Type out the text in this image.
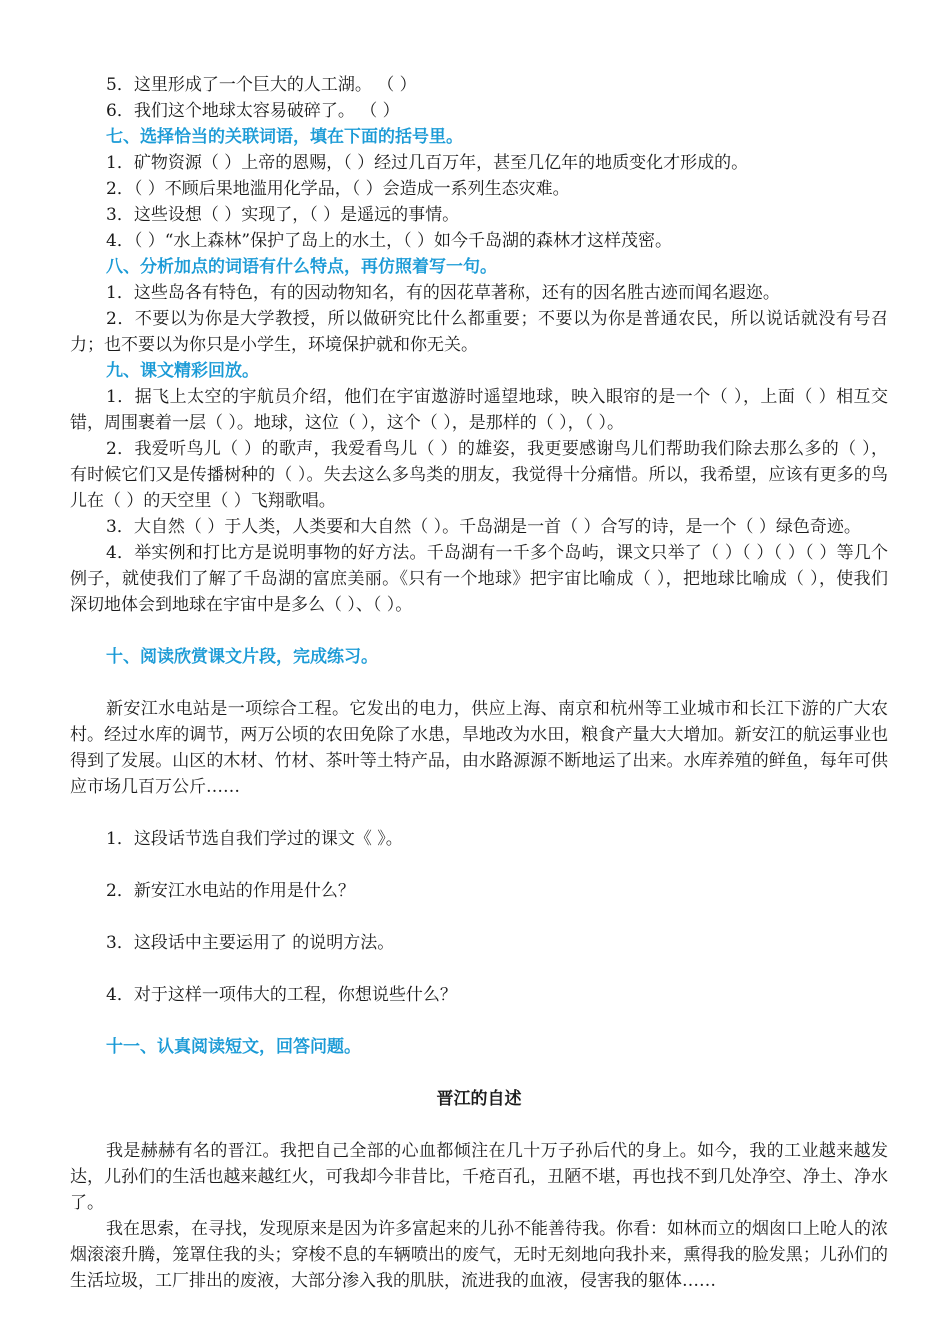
5．这里形成了一个巨大的人工湖。 （ ）
6．我们这个地球太容易破碎了。 （ ）
七、选择恰当的关联词语，填在下面的括号里。
1．矿物资源（ ）上帝的恩赐，（ ）经过几百万年，甚至几亿年的地质变化才形成的。
2．（ ）不顾后果地滥用化学品，（ ）会造成一系列生态灾难。
3．这些设想（ ）实现了，（ ）是遥远的事情。
4．（ ）“水上森林”保护了岛上的水土，（ ）如今千岛湖的森林才这样茂密。
八、分析加点的词语有什么特点，再仿照着写一句。
1．这些岛各有特色，有的因动物知名，有的因花草著称，还有的因名胜古迹而闻名遐迩。

2．不要以为你是大学教授，所以做研究比什么都重要；不要以为你是普通农民，所以说话就没有号召力；也不要以为你只是小学生，环境保护就和你无关。

九、课文精彩回放。

1．据飞上太空的宇航员介绍，他们在宇宙遨游时遥望地球，映入眼帘的是一个（ ），上面（ ）相互交错，周围裹着一层（ ）。地球，这位（ ），这个（ ），是那样的（ ），（ ）。

2．我爱听鸟儿（ ）的歌声，我爱看鸟儿（ ）的雄姿，我更要感谢鸟儿们帮助我们除去那么多的（ ），有时候它们又是传播树种的（ ）。失去这么多鸟类的朋友，我觉得十分痛惜。所以，我希望，应该有更多的鸟儿在（ ）的天空里（ ）飞翔歌唱。

3．大自然（ ）于人类，人类要和大自然（ ）。千岛湖是一首（ ）合写的诗，是一个（ ）绿色奇迹。

4．举实例和打比方是说明事物的好方法。千岛湖有一千多个岛屿，课文只举了（ ）（ ）（ ）（ ）等几个例子，就使我们了解了千岛湖的富庶美丽。《只有一个地球》把宇宙比喻成（ ），把地球比喻成（ ），使我们深切地体会到地球在宇宙中是多么（ ）、（ ）。

十、阅读欣赏课文片段，完成练习。

新安江水电站是一项综合工程。它发出的电力，供应上海、南京和杭州等工业城市和长江下游的广大农村。经过水库的调节，两万公顷的农田免除了水患，旱地改为水田，粮食产量大大增加。新安江的航运事业也得到了发展。山区的木材、竹材、茶叶等土特产品，由水路源源不断地运了出来。水库养殖的鲜鱼，每年可供应市场几百万公斤……

1．这段话节选自我们学过的课文《 》。
2．新安江水电站的作用是什么？
3．这段话中主要运用了 的说明方法。
4．对于这样一项伟大的工程，你想说些什么？
十一、认真阅读短文，回答问题。
晋江的自述

我是赫赫有名的晋江。我把自己全部的心血都倾注在几十万子孙后代的身上。如今，我的工业越来越发达，儿孙们的生活也越来越红火，可我却今非昔比，千疮百孔，丑陋不堪，再也找不到几处净空、净土、净水了。

我在思索，在寻找，发现原来是因为许多富起来的儿孙不能善待我。你看：如林而立的烟囱口上呛人的浓烟滚滚升腾，笼罩住我的头；穿梭不息的车辆喷出的废气，无时无刻地向我扑来，熏得我的脸发黑；儿孙们的生活垃圾，工厂排出的废液，大部分渗入我的肌肤，流进我的血液，侵害我的躯体……
